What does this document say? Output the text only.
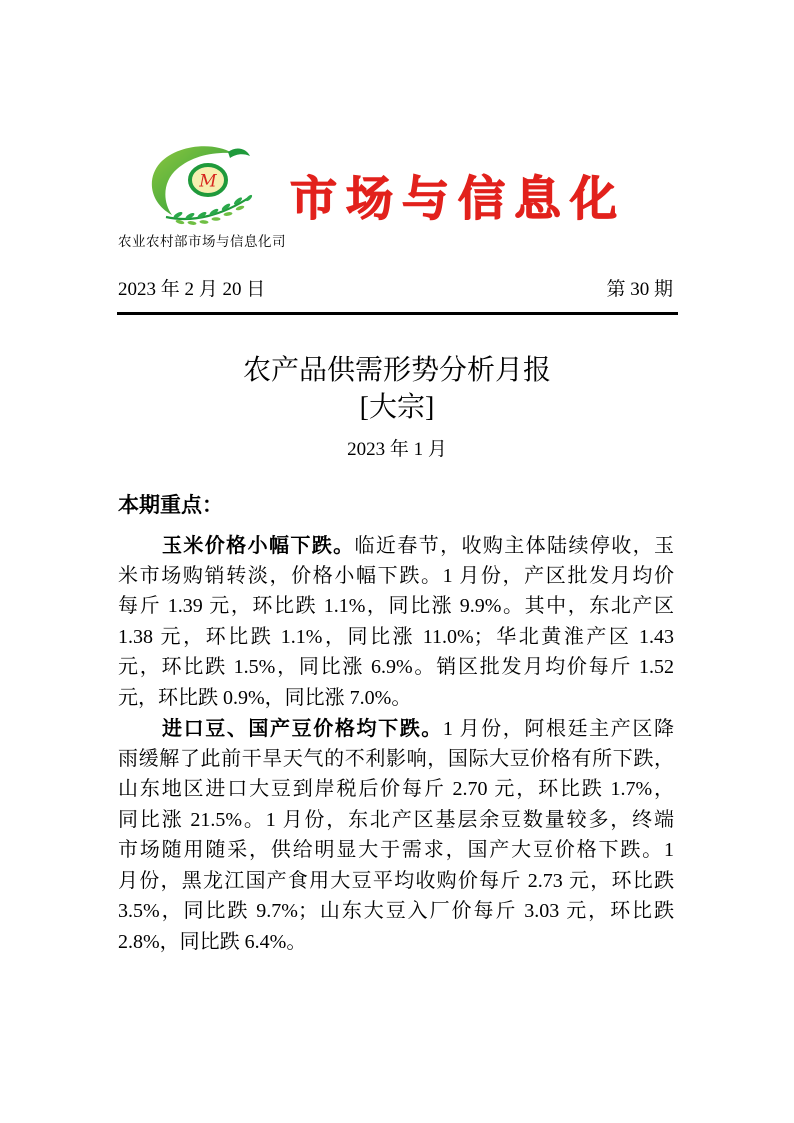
M 市场与信息化
农业农村部市场与信息化司
2023 年 2 月 20 日	第 30 期
农产品供需形势分析月报
[大宗]
2023 年 1 月
本期重点：
玉米价格小幅下跌。临近春节，收购主体陆续停收，玉
米市场购销转淡，价格小幅下跌。1 月份，产区批发月均价
每斤 1.39 元，环比跌 1.1%，同比涨 9.9%。其中，东北产区
1.38 元，环比跌 1.1%，同比涨 11.0%；华北黄淮产区 1.43
元，环比跌 1.5%，同比涨 6.9%。销区批发月均价每斤 1.52
元，环比跌 0.9%，同比涨 7.0%。
进口豆、国产豆价格均下跌。1 月份，阿根廷主产区降
雨缓解了此前干旱天气的不利影响，国际大豆价格有所下跌，
山东地区进口大豆到岸税后价每斤 2.70 元，环比跌 1.7%，
同比涨 21.5%。1 月份，东北产区基层余豆数量较多，终端
市场随用随采，供给明显大于需求，国产大豆价格下跌。1
月份，黑龙江国产食用大豆平均收购价每斤 2.73 元，环比跌
3.5%，同比跌 9.7%；山东大豆入厂价每斤 3.03 元，环比跌
2.8%，同比跌 6.4%。
